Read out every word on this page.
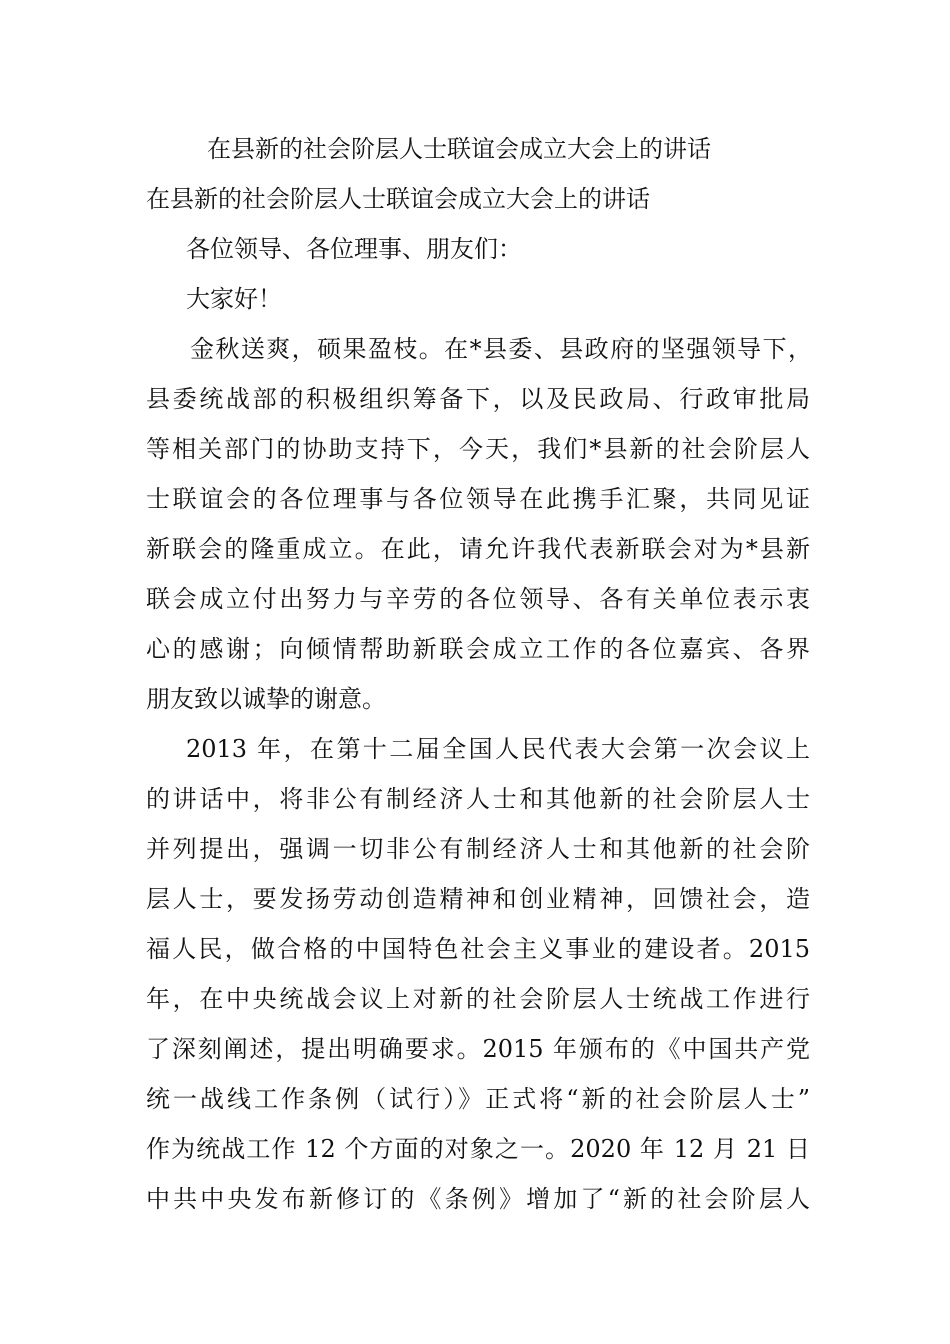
在县新的社会阶层人士联谊会成立大会上的讲话
在县新的社会阶层人士联谊会成立大会上的讲话
各位领导、各位理事、朋友们：
大家好！
金秋送爽，硕果盈枝。在*县委、县政府的坚强领导下，
县委统战部的积极组织筹备下，以及民政局、行政审批局
等相关部门的协助支持下，今天，我们*县新的社会阶层人
士联谊会的各位理事与各位领导在此携手汇聚，共同见证
新联会的隆重成立。在此，请允许我代表新联会对为*县新
联会成立付出努力与辛劳的各位领导、各有关单位表示衷
心的感谢；向倾情帮助新联会成立工作的各位嘉宾、各界
朋友致以诚挚的谢意。
2013 年，在第十二届全国人民代表大会第一次会议上
的讲话中，将非公有制经济人士和其他新的社会阶层人士
并列提出，强调一切非公有制经济人士和其他新的社会阶
层人士，要发扬劳动创造精神和创业精神，回馈社会，造
福人民，做合格的中国特色社会主义事业的建设者。2015
年，在中央统战会议上对新的社会阶层人士统战工作进行
了深刻阐述，提出明确要求。2015 年颁布的《中国共产党
统一战线工作条例（试行）》正式将“新的社会阶层人士”
作为统战工作 12 个方面的对象之一。2020 年 12 月 21 日
中共中央发布新修订的《条例》增加了“新的社会阶层人
